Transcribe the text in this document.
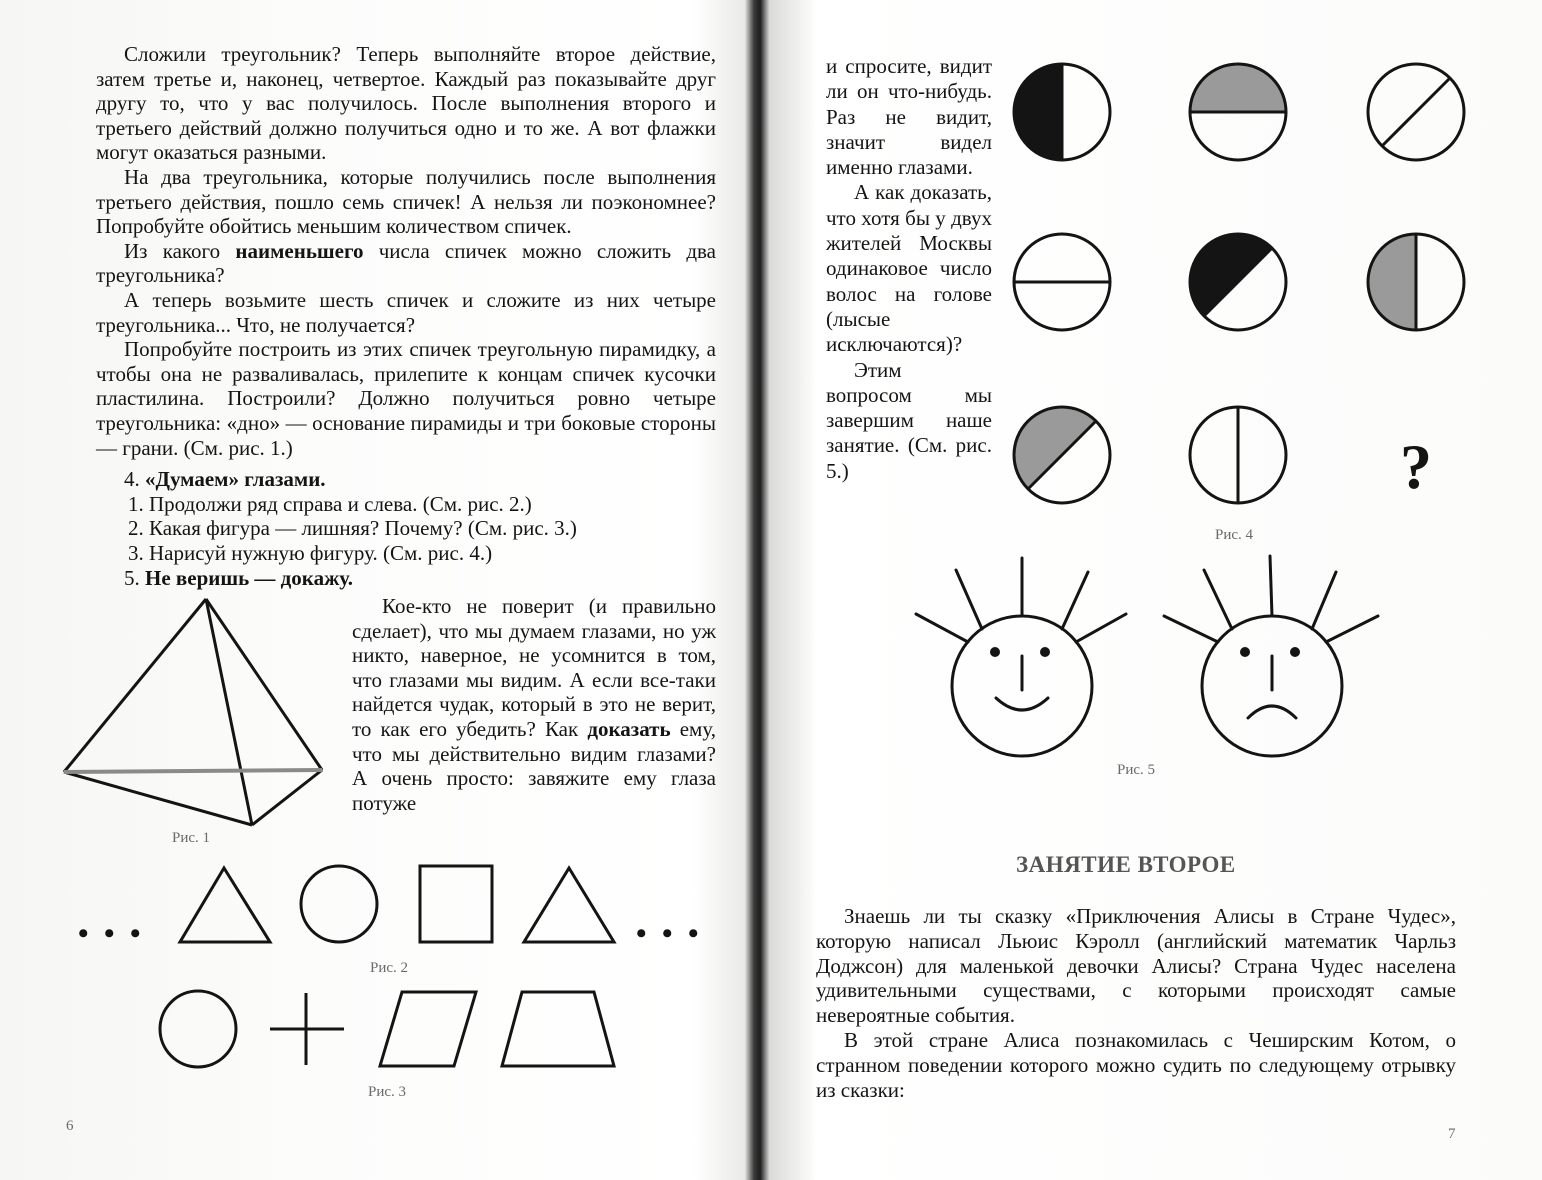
Сложили треугольник? Теперь выполняйте второе действие, затем третье и, наконец, четвертое. Каждый раз показывайте друг другу то, что у вас получилось. После выполнения второго и третьего действий должно получиться одно и то же. А вот флажки могут оказаться разными.

На два треугольника, которые получились после выполнения третьего действия, пошло семь спичек! А нельзя ли поэкономнее? Попробуйте обойтись меньшим количеством спичек.

Из какого наименьшего числа спичек можно сложить два треугольника?

А теперь возьмите шесть спичек и сложите из них четыре треугольника... Что, не получается?

Попробуйте построить из этих спичек треугольную пирамидку, а чтобы она не разваливалась, прилепите к концам спичек кусочки пластилина. Построили? Должно получиться ровно четыре треугольника: «дно» — основание пирамиды и три боковые стороны — грани. (См. рис. 1.)

4. «Думаем» глазами.
1. Продолжи ряд справа и слева. (См. рис. 2.)
2. Какая фигура — лишняя? Почему? (См. рис. 3.)
3. Нарисуй нужную фигуру. (См. рис. 4.)
5. Не веришь — докажу.

Кое-кто не поверит (и правильно сделает), что мы думаем глазами, но уж никто, наверное, не усомнится в том, что глазами мы видим. А если все-таки найдется чудак, который в это не верит, то как его убедить? Как доказать ему, что мы действительно видим глазами? А очень просто: завяжите ему глаза потуже

Рис. 1
• • •	• • •
Рис. 2
Рис. 3
6

и спросите, видит ли он что-нибудь. Раз не видит, значит видел именно глазами.

А как доказать, что хотя бы у двух жителей Москвы одинаковое число волос на голове (лысые исключаются)?

Этим вопросом мы завершим наше занятие. (См. рис. 5.)	?
Рис. 4
Рис. 5
ЗАНЯТИЕ ВТОРОЕ

Знаешь ли ты сказку «Приключения Алисы в Стране Чудес», которую написал Льюис Кэролл (английский математик Чарльз Доджсон) для маленькой девочки Алисы? Страна Чудес населена удивительными существами, с которыми происходят самые невероятные события.

В этой стране Алиса познакомилась с Чеширским Котом, о странном поведении которого можно судить по следующему отрывку из сказки:

7
